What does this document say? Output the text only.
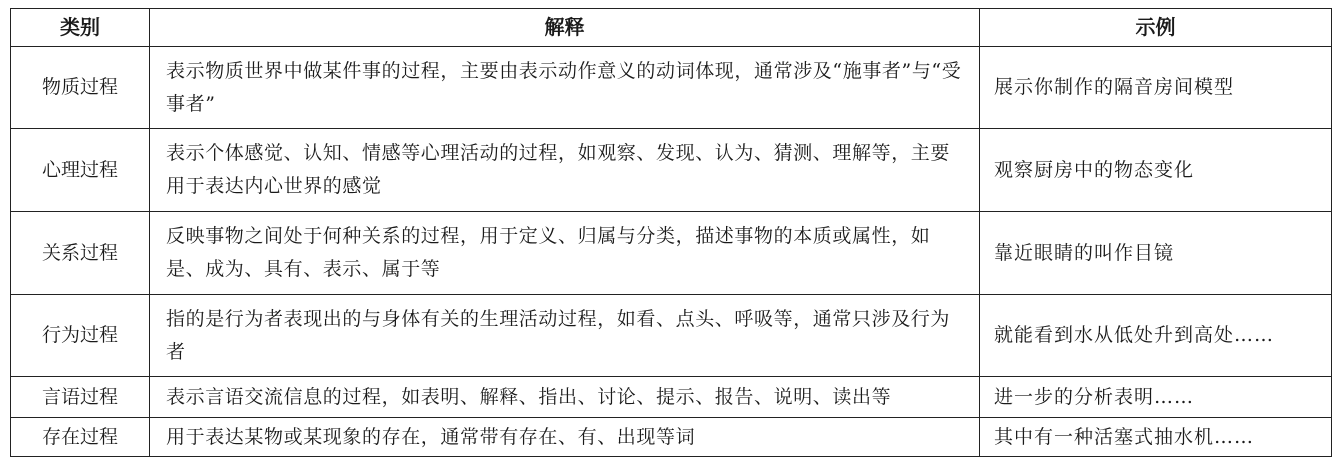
类别	解释	示例
物质过程	表示物质世界中做某件事的过程，主要由表示动作意义的动词体现，通常涉及“施事者”与“受事者”	展示你制作的隔音房间模型
心理过程	表示个体感觉、认知、情感等心理活动的过程，如观察、发现、认为、猜测、理解等，主要用于表达内心世界的感觉	观察厨房中的物态变化
关系过程	反映事物之间处于何种关系的过程，用于定义、归属与分类，描述事物的本质或属性，如是、成为、具有、表示、属于等	靠近眼睛的叫作目镜
行为过程	指的是行为者表现出的与身体有关的生理活动过程，如看、点头、呼吸等，通常只涉及行为者	就能看到水从低处升到高处……
言语过程	表示言语交流信息的过程，如表明、解释、指出、讨论、提示、报告、说明、读出等	进一步的分析表明……
存在过程	用于表达某物或某现象的存在，通常带有存在、有、出现等词	其中有一种活塞式抽水机……
